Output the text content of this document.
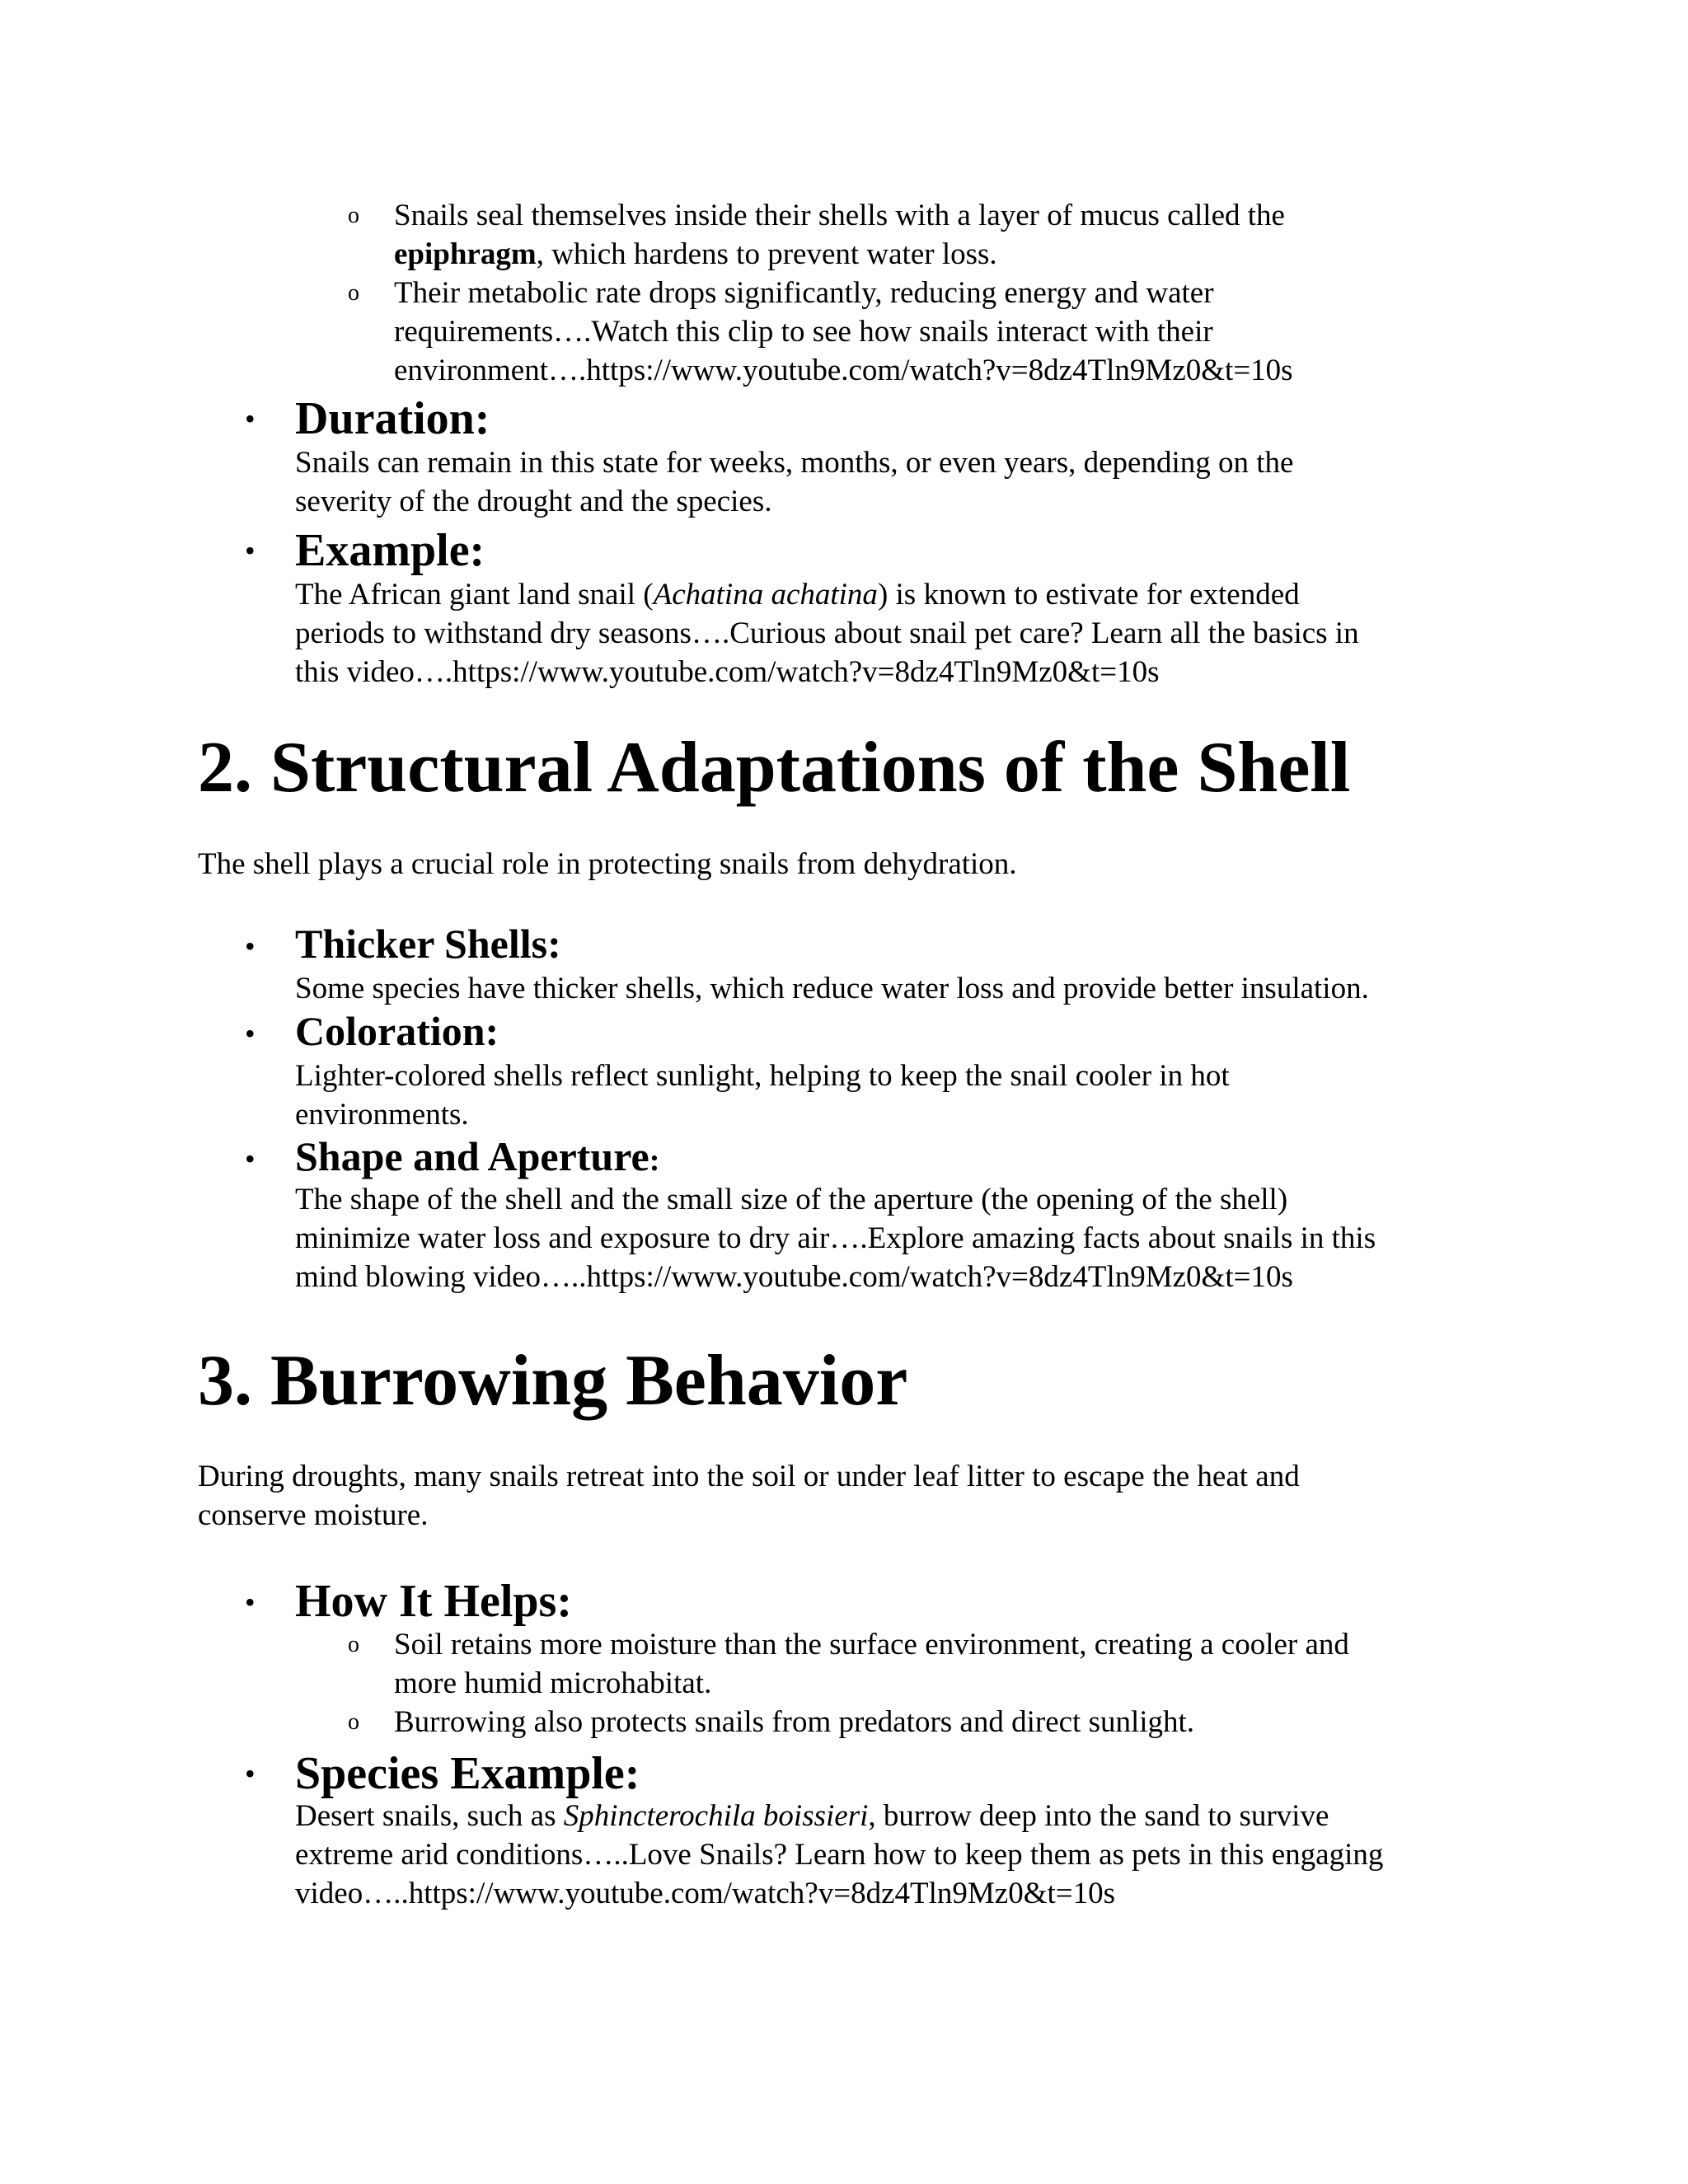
o Snails seal themselves inside their shells with a layer of mucus called the
epiphragm, which hardens to prevent water loss.
o Their metabolic rate drops significantly, reducing energy and water
requirements….Watch this clip to see how snails interact with their
environment….https://www.youtube.com/watch?v=8dz4Tln9Mz0&t=10s
• Duration:
Snails can remain in this state for weeks, months, or even years, depending on the
severity of the drought and the species.
• Example:
The African giant land snail (Achatina achatina) is known to estivate for extended
periods to withstand dry seasons….Curious about snail pet care? Learn all the basics in
this video….https://www.youtube.com/watch?v=8dz4Tln9Mz0&t=10s
2. Structural Adaptations of the Shell
The shell plays a crucial role in protecting snails from dehydration.
• Thicker Shells:
Some species have thicker shells, which reduce water loss and provide better insulation.
• Coloration:
Lighter-colored shells reflect sunlight, helping to keep the snail cooler in hot
environments.
• Shape and Aperture:
The shape of the shell and the small size of the aperture (the opening of the shell)
minimize water loss and exposure to dry air….Explore amazing facts about snails in this
mind blowing video…..https://www.youtube.com/watch?v=8dz4Tln9Mz0&t=10s
3. Burrowing Behavior
During droughts, many snails retreat into the soil or under leaf litter to escape the heat and
conserve moisture.
• How It Helps:
o Soil retains more moisture than the surface environment, creating a cooler and
more humid microhabitat.
o Burrowing also protects snails from predators and direct sunlight.
• Species Example:
Desert snails, such as Sphincterochila boissieri, burrow deep into the sand to survive
extreme arid conditions…..Love Snails? Learn how to keep them as pets in this engaging
video…..https://www.youtube.com/watch?v=8dz4Tln9Mz0&t=10s
